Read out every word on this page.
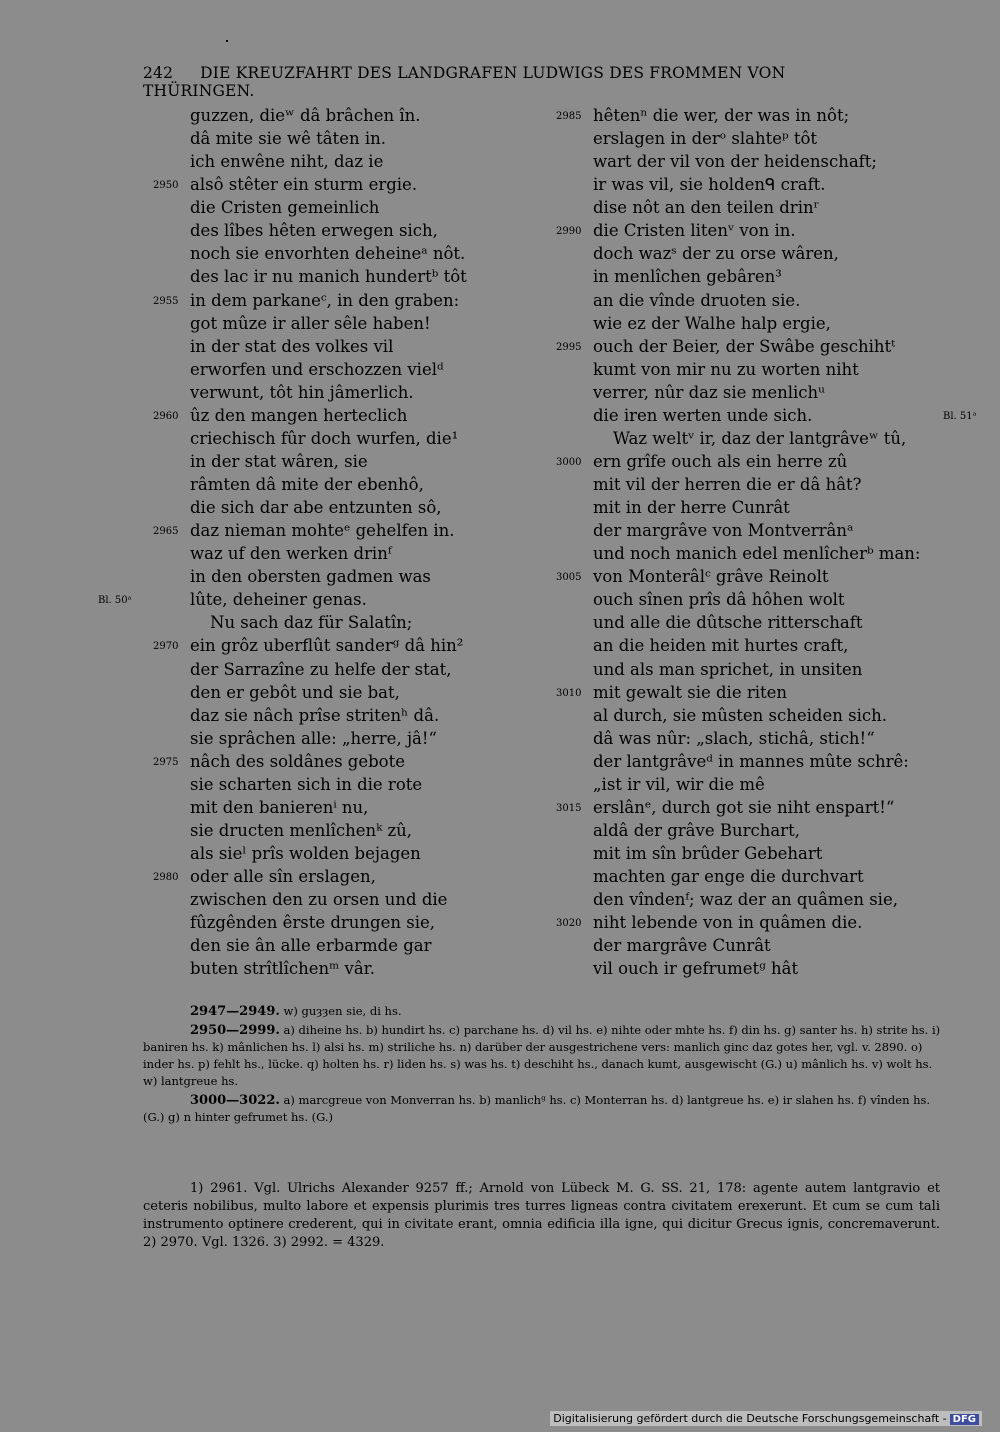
242 DIE KREUZFAHRT DES LANDGRAFEN LUDWIGS DES FROMMEN VON THÜRINGEN.
guzzen, dieʷ dâ brâchen în.
dâ mite sie wê tâten in.
ich enwêne niht, daz ie
2950 alsô stêter ein sturm ergie.
die Cristen gemeinlich
des lîbes hêten erwegen sich,
noch sie envorhten deheineᵃ nôt.
des lac ir nu manich hundertᵇ tôt
2955 in dem parkaneᶜ, in den graben:
got mûze ir aller sêle haben!
in der stat des volkes vil
erworfen und erschozzen vielᵈ
verwunt, tôt hin jâmerlich.
2960 ûz den mangen herteclich
criechisch fûr doch wurfen, die¹
in der stat wâren, sie
râmten dâ mite der ebenhô,
die sich dar abe entzunten sô,
2965 daz nieman mohteᵉ gehelfen in.
waz uf den werken drinᶠ
in den obersten gadmen was
lûte, deheiner genas.
Bl. 50ᵃ
Nu sach daz für Salatîn;
2970 ein grôz uberflût sanderᵍ dâ hin²
der Sarrazîne zu helfe der stat,
den er gebôt und sie bat,
daz sie nâch prîse stritenʰ dâ.
sie sprâchen alle: „herre, jâ!“
2975 nâch des soldânes gebote
sie scharten sich in die rote
mit den banierenⁱ nu,
sie dructen menlîchenᵏ zû,
als sieˡ prîs wolden bejagen
2980 oder alle sîn erslagen,
zwischen den zu orsen und die
fûzgênden êrste drungen sie,
den sie ân alle erbarmde gar
buten strîtlîchenᵐ vâr.
2985 hêtenⁿ die wer, der was in nôt;
erslagen in derᵒ slahteᵖ tôt
wart der vil von der heidenschaft;
ir was vil, sie holdenᑫ craft.
dise nôt an den teilen drinʳ
2990 die Cristen litenᵛ von in.
doch wazˢ der zu orse wâren,
in menlîchen gebâren³
an die vînde druoten sie.
wie ez der Walhe halp ergie,
2995 ouch der Beier, der Swâbe geschihtᵗ
kumt von mir nu zu worten niht
verrer, nûr daz sie menlichᵘ
die iren werten unde sich.	Bl. 51ᵃ
Waz weltᵛ ir, daz der lantgrâveʷ tû,
3000 ern grîfe ouch als ein herre zû
mit vil der herren die er dâ hât?
mit in der herre Cunrât
der margrâve von Montverrânᵃ
und noch manich edel menlîcherᵇ man:
3005 von Monterâlᶜ grâve Reinolt
ouch sînen prîs dâ hôhen wolt
und alle die dûtsche ritterschaft
an die heiden mit hurtes craft,
und als man sprichet, in unsiten
3010 mit gewalt sie die riten
al durch, sie mûsten scheiden sich.
dâ was nûr: „slach, stichâ, stich!“
der lantgrâveᵈ in mannes mûte schrê:
„ist ir vil, wir die mê
3015 erslânᵉ, durch got sie niht enspart!“
aldâ der grâve Burchart,
mit im sîn brûder Gebehart
machten gar enge die durchvart
den vîndenᶠ; waz der an quâmen sie,
3020 niht lebende von in quâmen die.
der margrâve Cunrât
vil ouch ir gefrumetᵍ hât
2947—2949. w) guȝȝen sie, di hs.
2950—2999. a) diheine hs. b) hundirt hs. c) parchane hs. d) vil hs. e) nihte oder mhte hs. f) din hs. g) santer hs. h) strite hs. i) baniren hs. k) mânlichen hs. l) alsi hs. m) striliche hs. n) darüber der ausgestrichene vers: manlich ginc daz gotes her, vgl. v. 2890. o) inder hs. p) fehlt hs., lücke. q) holten hs. r) liden hs. s) was hs. t) deschiht hs., danach kumt, ausgewischt (G.) u) mânlich hs. v) wolt hs. w) lantgreue hs.
3000—3022. a) marcgreue von Monverran hs. b) manlichᵍ hs. c) Monterran hs. d) lantgreue hs. e) ir slahen hs. f) vînden hs. (G.) g) n hinter gefrumet hs. (G.)
1) 2961. Vgl. Ulrichs Alexander 9257 ff.; Arnold von Lübeck M. G. SS. 21, 178: agente autem lantgravio et ceteris nobilibus, multo labore et expensis plurimis tres turres ligneas contra civitatem erexerunt. Et cum se cum tali instrumento optinere crederent, qui in civitate erant, omnia edificia illa igne, qui dicitur Grecus ignis, concremaverunt. 2) 2970. Vgl. 1326. 3) 2992. = 4329.
Digitalisierung gefördert durch die Deutsche Forschungsgemeinschaft - DFG
